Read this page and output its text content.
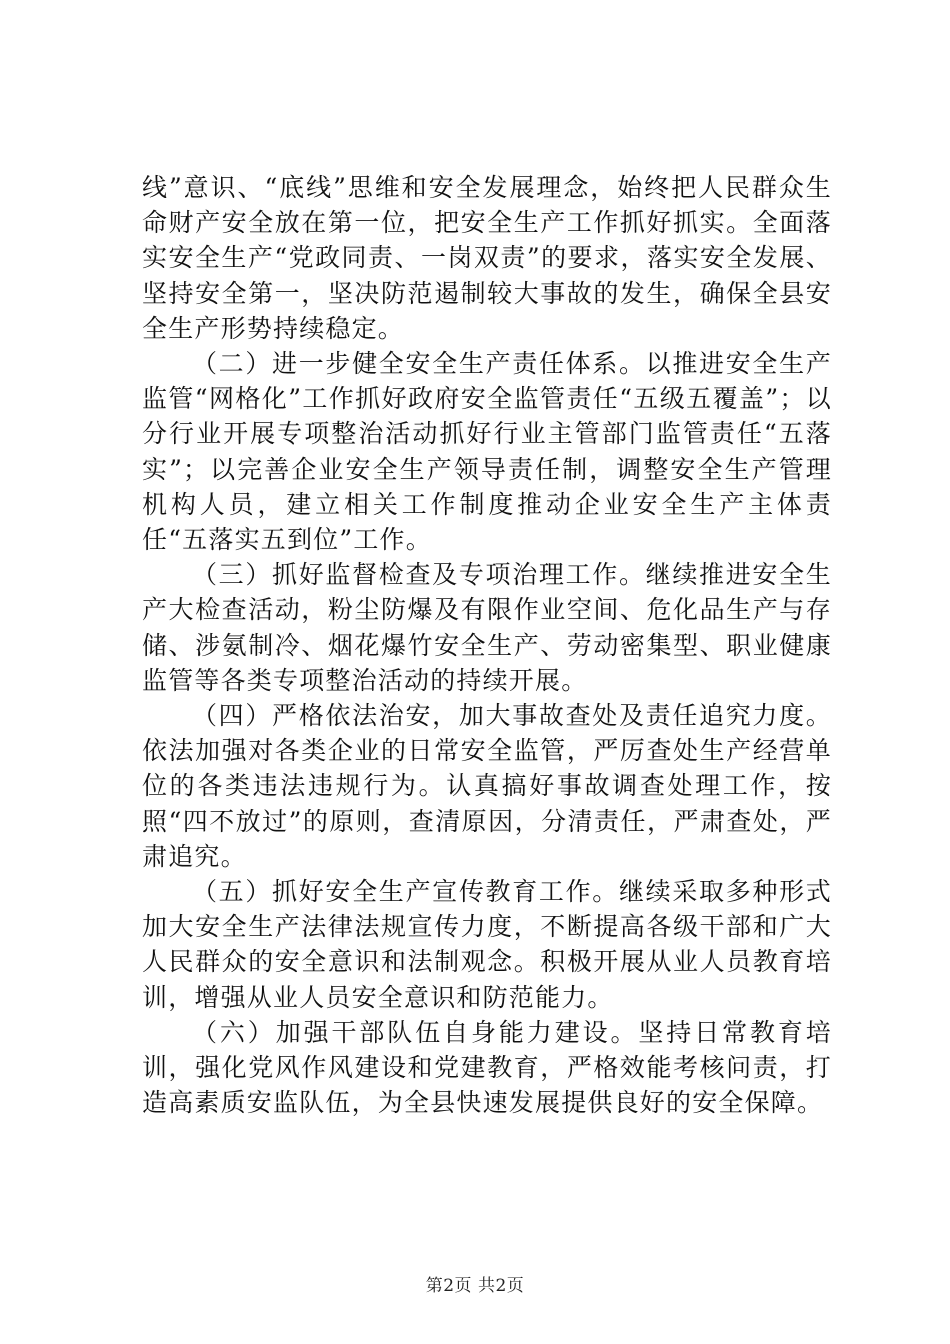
线”意识、“底线”思维和安全发展理念，始终把人民群众生命财产安全放在第一位，把安全生产工作抓好抓实。全面落实安全生产“党政同责、一岗双责”的要求，落实安全发展、坚持安全第一，坚决防范遏制较大事故的发生，确保全县安全生产形势持续稳定。

（二）进一步健全安全生产责任体系。以推进安全生产监管“网格化”工作抓好政府安全监管责任“五级五覆盖”；以分行业开展专项整治活动抓好行业主管部门监管责任“五落实”；以完善企业安全生产领导责任制，调整安全生产管理机构人员，建立相关工作制度推动企业安全生产主体责任“五落实五到位”工作。

（三）抓好监督检查及专项治理工作。继续推进安全生产大检查活动，粉尘防爆及有限作业空间、危化品生产与存储、涉氨制冷、烟花爆竹安全生产、劳动密集型、职业健康监管等各类专项整治活动的持续开展。

（四）严格依法治安，加大事故查处及责任追究力度。依法加强对各类企业的日常安全监管，严厉查处生产经营单位的各类违法违规行为。认真搞好事故调查处理工作，按照“四不放过”的原则，查清原因，分清责任，严肃查处，严肃追究。

（五）抓好安全生产宣传教育工作。继续采取多种形式加大安全生产法律法规宣传力度，不断提高各级干部和广大人民群众的安全意识和法制观念。积极开展从业人员教育培训，增强从业人员安全意识和防范能力。

（六）加强干部队伍自身能力建设。坚持日常教育培训，强化党风作风建设和党建教育，严格效能考核问责，打造高素质安监队伍，为全县快速发展提供良好的安全保障。

第2页 共2页
